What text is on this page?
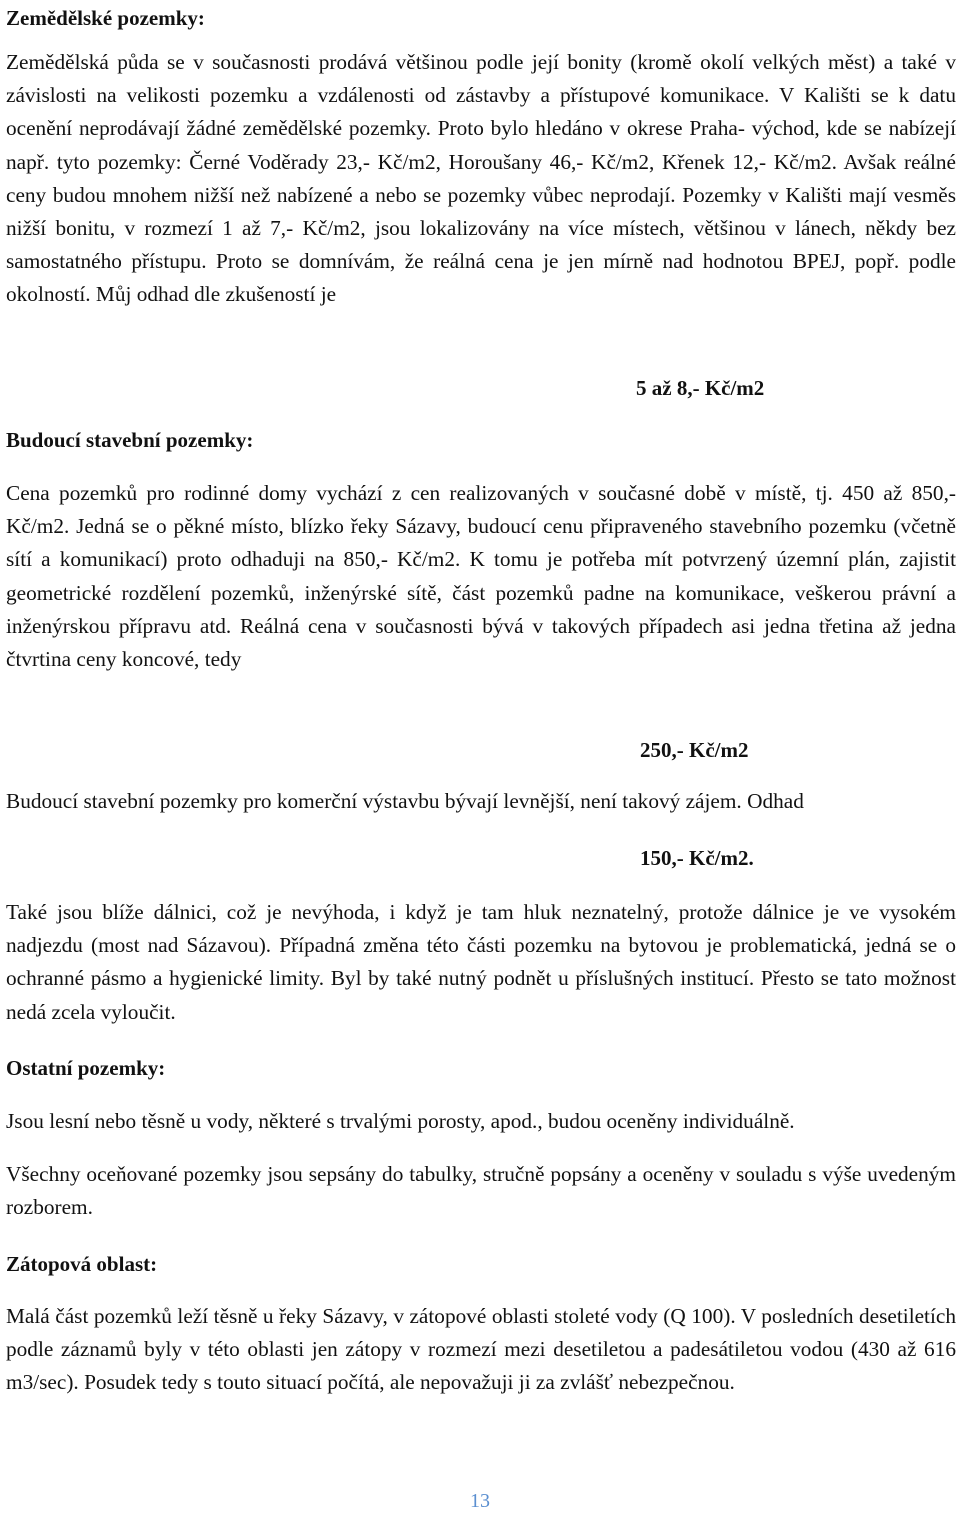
Zemědělské pozemky:

Zemědělská půda se v současnosti prodává většinou podle její bonity (kromě okolí velkých měst) a také v závislosti na velikosti pozemku a vzdálenosti od zástavby a přístupové komunikace. V Kališti se k datu ocenění neprodávají žádné zemědělské pozemky. Proto bylo hledáno v okrese Praha- východ, kde se nabízejí např. tyto pozemky: Černé Voděrady 23,- Kč/m2, Horoušany 46,- Kč/m2, Křenek 12,- Kč/m2. Avšak reálné ceny budou mnohem nižší než nabízené a nebo se pozemky vůbec neprodají. Pozemky v Kališti mají vesměs nižší bonitu, v rozmezí 1 až 7,- Kč/m2, jsou lokalizovány na více místech, většinou v lánech, někdy bez samostatného přístupu. Proto se domnívám, že reálná cena je jen mírně nad hodnotou BPEJ, popř. podle okolností. Můj odhad dle zkušeností je

5 až 8,- Kč/m2
Budoucí stavební pozemky:

Cena pozemků pro rodinné domy vychází z cen realizovaných v současné době v místě, tj. 450 až 850,- Kč/m2. Jedná se o pěkné místo, blízko řeky Sázavy, budoucí cenu připraveného stavebního pozemku (včetně sítí a komunikací) proto odhaduji na 850,- Kč/m2. K tomu je potřeba mít potvrzený územní plán, zajistit geometrické rozdělení pozemků, inženýrské sítě, část pozemků padne na komunikace, veškerou právní a inženýrskou přípravu atd. Reálná cena v současnosti bývá v takových případech asi jedna třetina až jedna čtvrtina ceny koncové, tedy

250,- Kč/m2

Budoucí stavební pozemky pro komerční výstavbu bývají levnější, není takový zájem. Odhad

150,- Kč/m2.

Také jsou blíže dálnici, což je nevýhoda, i když je tam hluk neznatelný, protože dálnice je ve vysokém nadjezdu (most nad Sázavou). Případná změna této části pozemku na bytovou je problematická, jedná se o ochranné pásmo a hygienické limity. Byl by také nutný podnět u příslušných institucí. Přesto se tato možnost nedá zcela vyloučit.

Ostatní pozemky:

Jsou lesní nebo těsně u vody, některé s trvalými porosty, apod., budou oceněny individuálně.

Všechny oceňované pozemky jsou sepsány do tabulky, stručně popsány a oceněny v souladu s výše uvedeným rozborem.

Zátopová oblast:

Malá část pozemků leží těsně u řeky Sázavy, v zátopové oblasti stoleté vody (Q 100). V posledních desetiletích podle záznamů byly v této oblasti jen zátopy v rozmezí mezi desetiletou a padesátiletou vodou (430 až 616 m3/sec). Posudek tedy s touto situací počítá, ale nepovažuji ji za zvlášť nebezpečnou.

13
